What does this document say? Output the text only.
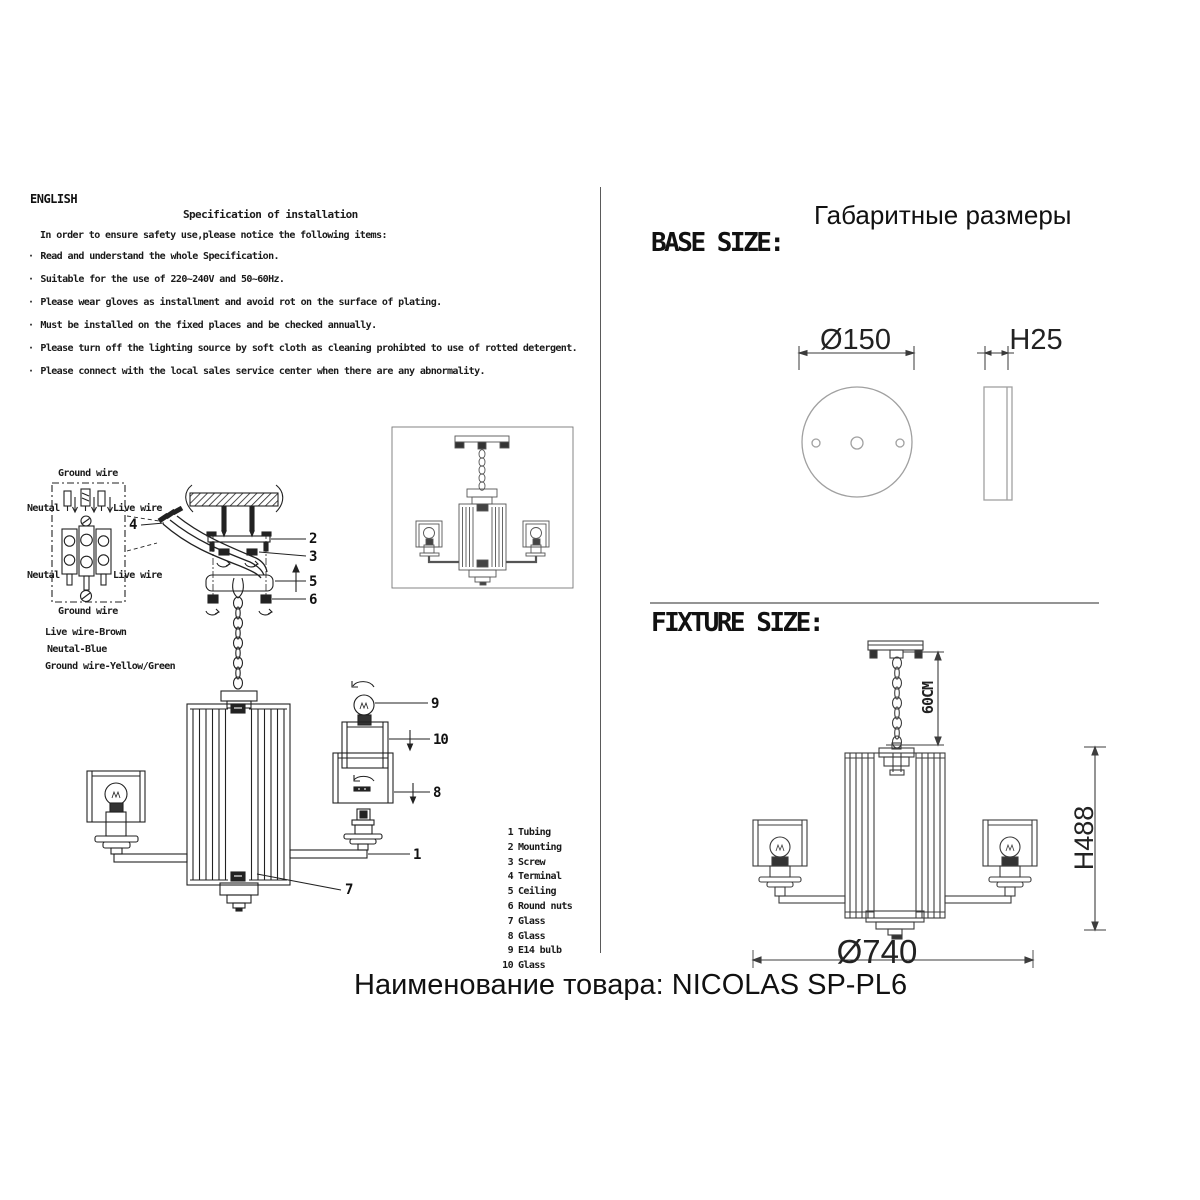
ENGLISH
Specification of installation
In order to ensure safety use,please notice the following items:
· Read and understand the whole Specification.
· Suitable for the use of 220~240V and 50~60Hz.
· Please wear gloves as installment and avoid rot on the surface of plating.
· Must be installed on the fixed places and be checked annually.
· Please turn off the lighting source by soft cloth as cleaning prohibted to use of rotted detergent.
· Please connect with the local sales service center when there are any abnormality.
Ground wire
Neutal	Live wire
Neutal	Live wire
Ground wire
Live wire-Brown
Neutal-Blue
Ground wire-Yellow/Green
2
3
4
5
6
9
10
8
1
7
1 Tubing
2 Mounting
3 Screw
4 Terminal
5 Ceiling
6 Round nuts
7 Glass
8 Glass
9 E14 bulb
10 Glass
Габаритные размеры
BASE SIZE:
Ø150	H25
FIXTURE SIZE:
60CM
H488
Ø740
Наименование товара: NICOLAS SP-PL6
